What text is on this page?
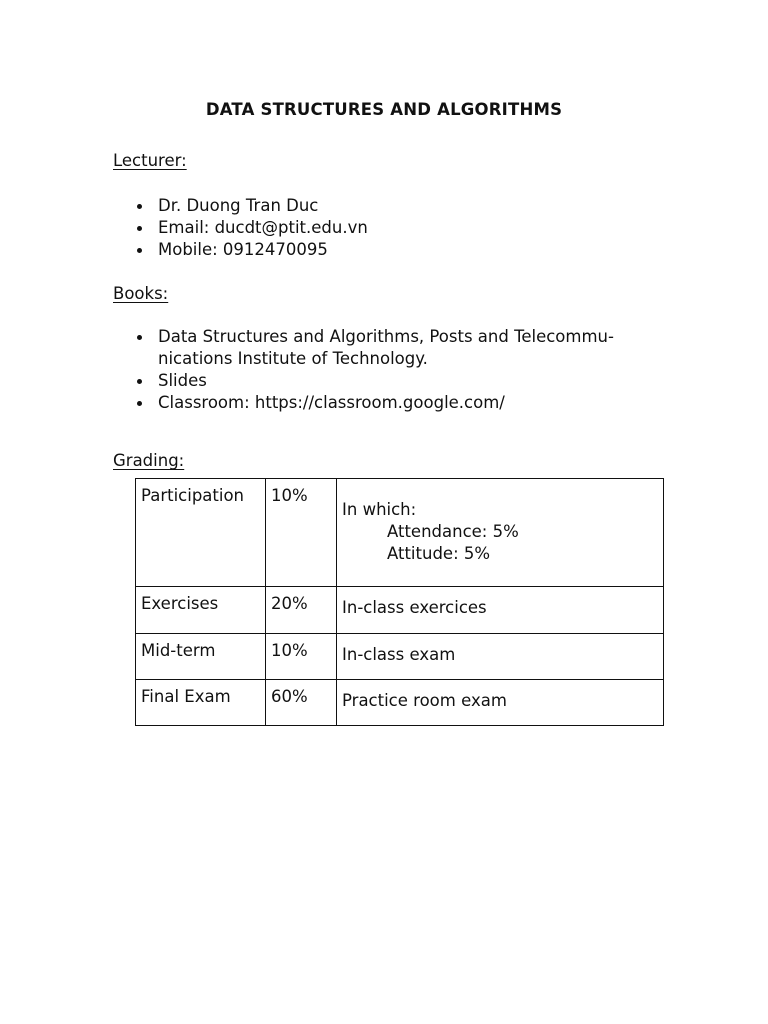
DATA STRUCTURES AND ALGORITHMS
Lecturer:
Dr. Duong Tran Duc
Email: ducdt@ptit.edu.vn
Mobile: 0912470095
Books:
Data Structures and Algorithms, Posts and Telecommu-nications Institute of Technology.
Slides
Classroom: https://classroom.google.com/
Grading:
Participation	10%	In which:
Attendance: 5%
Attitude: 5%

Exercises	20%	In-class exercices
Mid-term	10%	In-class exam
Final Exam	60%	Practice room exam
